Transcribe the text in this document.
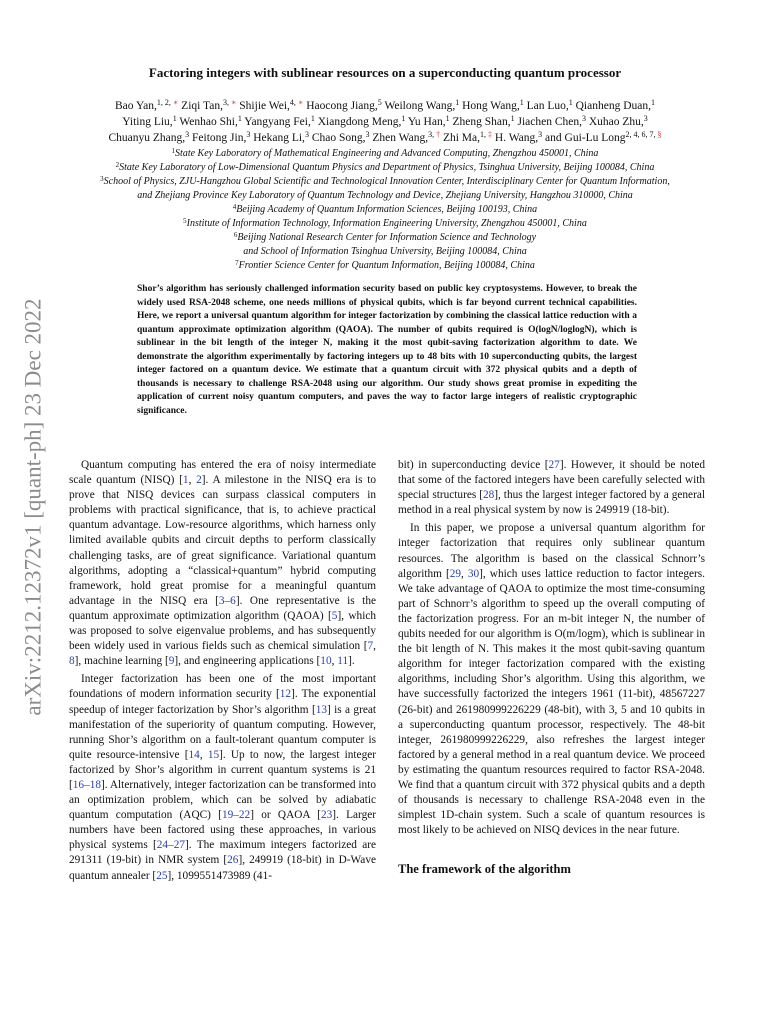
arXiv:2212.12372v1 [quant-ph] 23 Dec 2022
Factoring integers with sublinear resources on a superconducting quantum processor
Bao Yan,$^{1, 2,}$ ∗ Ziqi Tan,$^{3,}$ ∗ Shijie Wei,$^{4,}$ ∗ Haocong Jiang,$^5$ Weilong Wang,$^1$ Hong Wang,$^1$ Lan Luo,$^1$ Qianheng Duan,$^1$
Yiting Liu,$^1$ Wenhao Shi,$^1$ Yangyang Fei,$^1$ Xiangdong Meng,$^1$ Yu Han,$^1$ Zheng Shan,$^1$ Jiachen Chen,$^3$ Xuhao Zhu,$^3$
Chuanyu Zhang,$^3$ Feitong Jin,$^3$ Hekang Li,$^3$ Chao Song,$^3$ Zhen Wang,$^{3,}$ † Zhi Ma,$^{1,}$ ‡ H. Wang,$^3$ and Gui-Lu Long$^{2, 4, 6, 7,}$ §
$^1$State Key Laboratory of Mathematical Engineering and Advanced Computing, Zhengzhou 450001, China
$^2$State Key Laboratory of Low-Dimensional Quantum Physics and Department of Physics, Tsinghua University, Beijing 100084, China
$^3$School of Physics, ZJU-Hangzhou Global Scientific and Technological Innovation Center, Interdisciplinary Center for Quantum Information,
and Zhejiang Province Key Laboratory of Quantum Technology and Device, Zhejiang University, Hangzhou 310000, China
$^4$Beijing Academy of Quantum Information Sciences, Beijing 100193, China
$^5$Institute of Information Technology, Information Engineering University, Zhengzhou 450001, China
$^6$Beijing National Research Center for Information Science and Technology
and School of Information Tsinghua University, Beijing 100084, China
$^7$Frontier Science Center for Quantum Information, Beijing 100084, China
Shor’s algorithm has seriously challenged information security based on public key cryptosystems. However, to break the widely used RSA-2048 scheme, one needs millions of physical qubits, which is far beyond current technical capabilities. Here, we report a universal quantum algorithm for integer factorization by combining the classical lattice reduction with a quantum approximate optimization algorithm (QAOA). The number of qubits required is O(logN/loglogN), which is sublinear in the bit length of the integer N, making it the most qubit-saving factorization algorithm to date. We demonstrate the algorithm experimentally by factoring integers up to 48 bits with 10 superconducting qubits, the largest integer factored on a quantum device. We estimate that a quantum circuit with 372 physical qubits and a depth of thousands is necessary to challenge RSA-2048 using our algorithm. Our study shows great promise in expediting the application of current noisy quantum computers, and paves the way to factor large integers of realistic cryptographic significance.

Quantum computing has entered the era of noisy intermediate scale quantum (NISQ) [1, 2]. A milestone in the NISQ era is to prove that NISQ devices can surpass classical computers in problems with practical significance, that is, to achieve practical quantum advantage. Low-resource algorithms, which harness only limited available qubits and circuit depths to perform classically challenging tasks, are of great significance. Variational quantum algorithms, adopting a “classical+quantum” hybrid computing framework, hold great promise for a meaningful quantum advantage in the NISQ era [3–6]. One representative is the quantum approximate optimization algorithm (QAOA) [5], which was proposed to solve eigenvalue problems, and has subsequently been widely used in various fields such as chemical simulation [7, 8], machine learning [9], and engineering applications [10, 11].

Integer factorization has been one of the most important foundations of modern information security [12]. The exponential speedup of integer factorization by Shor’s algorithm [13] is a great manifestation of the superiority of quantum computing. However, running Shor’s algorithm on a fault-tolerant quantum computer is quite resource-intensive [14, 15]. Up to now, the largest integer factorized by Shor’s algorithm in current quantum systems is 21 [16–18]. Alternatively, integer factorization can be transformed into an optimization problem, which can be solved by adiabatic quantum computation (AQC) [19–22] or QAOA [23]. Larger numbers have been factored using these approaches, in various physical systems [24–27]. The maximum integers factorized are 291311 (19-bit) in NMR system [26], 249919 (18-bit) in D-Wave quantum annealer [25], 1099551473989 (41-

bit) in superconducting device [27]. However, it should be noted that some of the factored integers have been carefully selected with special structures [28], thus the largest integer factored by a general method in a real physical system by now is 249919 (18-bit).

In this paper, we propose a universal quantum algorithm for integer factorization that requires only sublinear quantum resources. The algorithm is based on the classical Schnorr’s algorithm [29, 30], which uses lattice reduction to factor integers. We take advantage of QAOA to optimize the most time-consuming part of Schnorr’s algorithm to speed up the overall computing of the factorization progress. For an m-bit integer N, the number of qubits needed for our algorithm is O(m/logm), which is sublinear in the bit length of N. This makes it the most qubit-saving quantum algorithm for integer factorization compared with the existing algorithms, including Shor’s algorithm. Using this algorithm, we have successfully factorized the integers 1961 (11-bit), 48567227 (26-bit) and 261980999226229 (48-bit), with 3, 5 and 10 qubits in a superconducting quantum processor, respectively. The 48-bit integer, 261980999226229, also refreshes the largest integer factored by a general method in a real quantum device. We proceed by estimating the quantum resources required to factor RSA-2048. We find that a quantum circuit with 372 physical qubits and a depth of thousands is necessary to challenge RSA-2048 even in the simplest 1D-chain system. Such a scale of quantum resources is most likely to be achieved on NISQ devices in the near future.

The framework of the algorithm
